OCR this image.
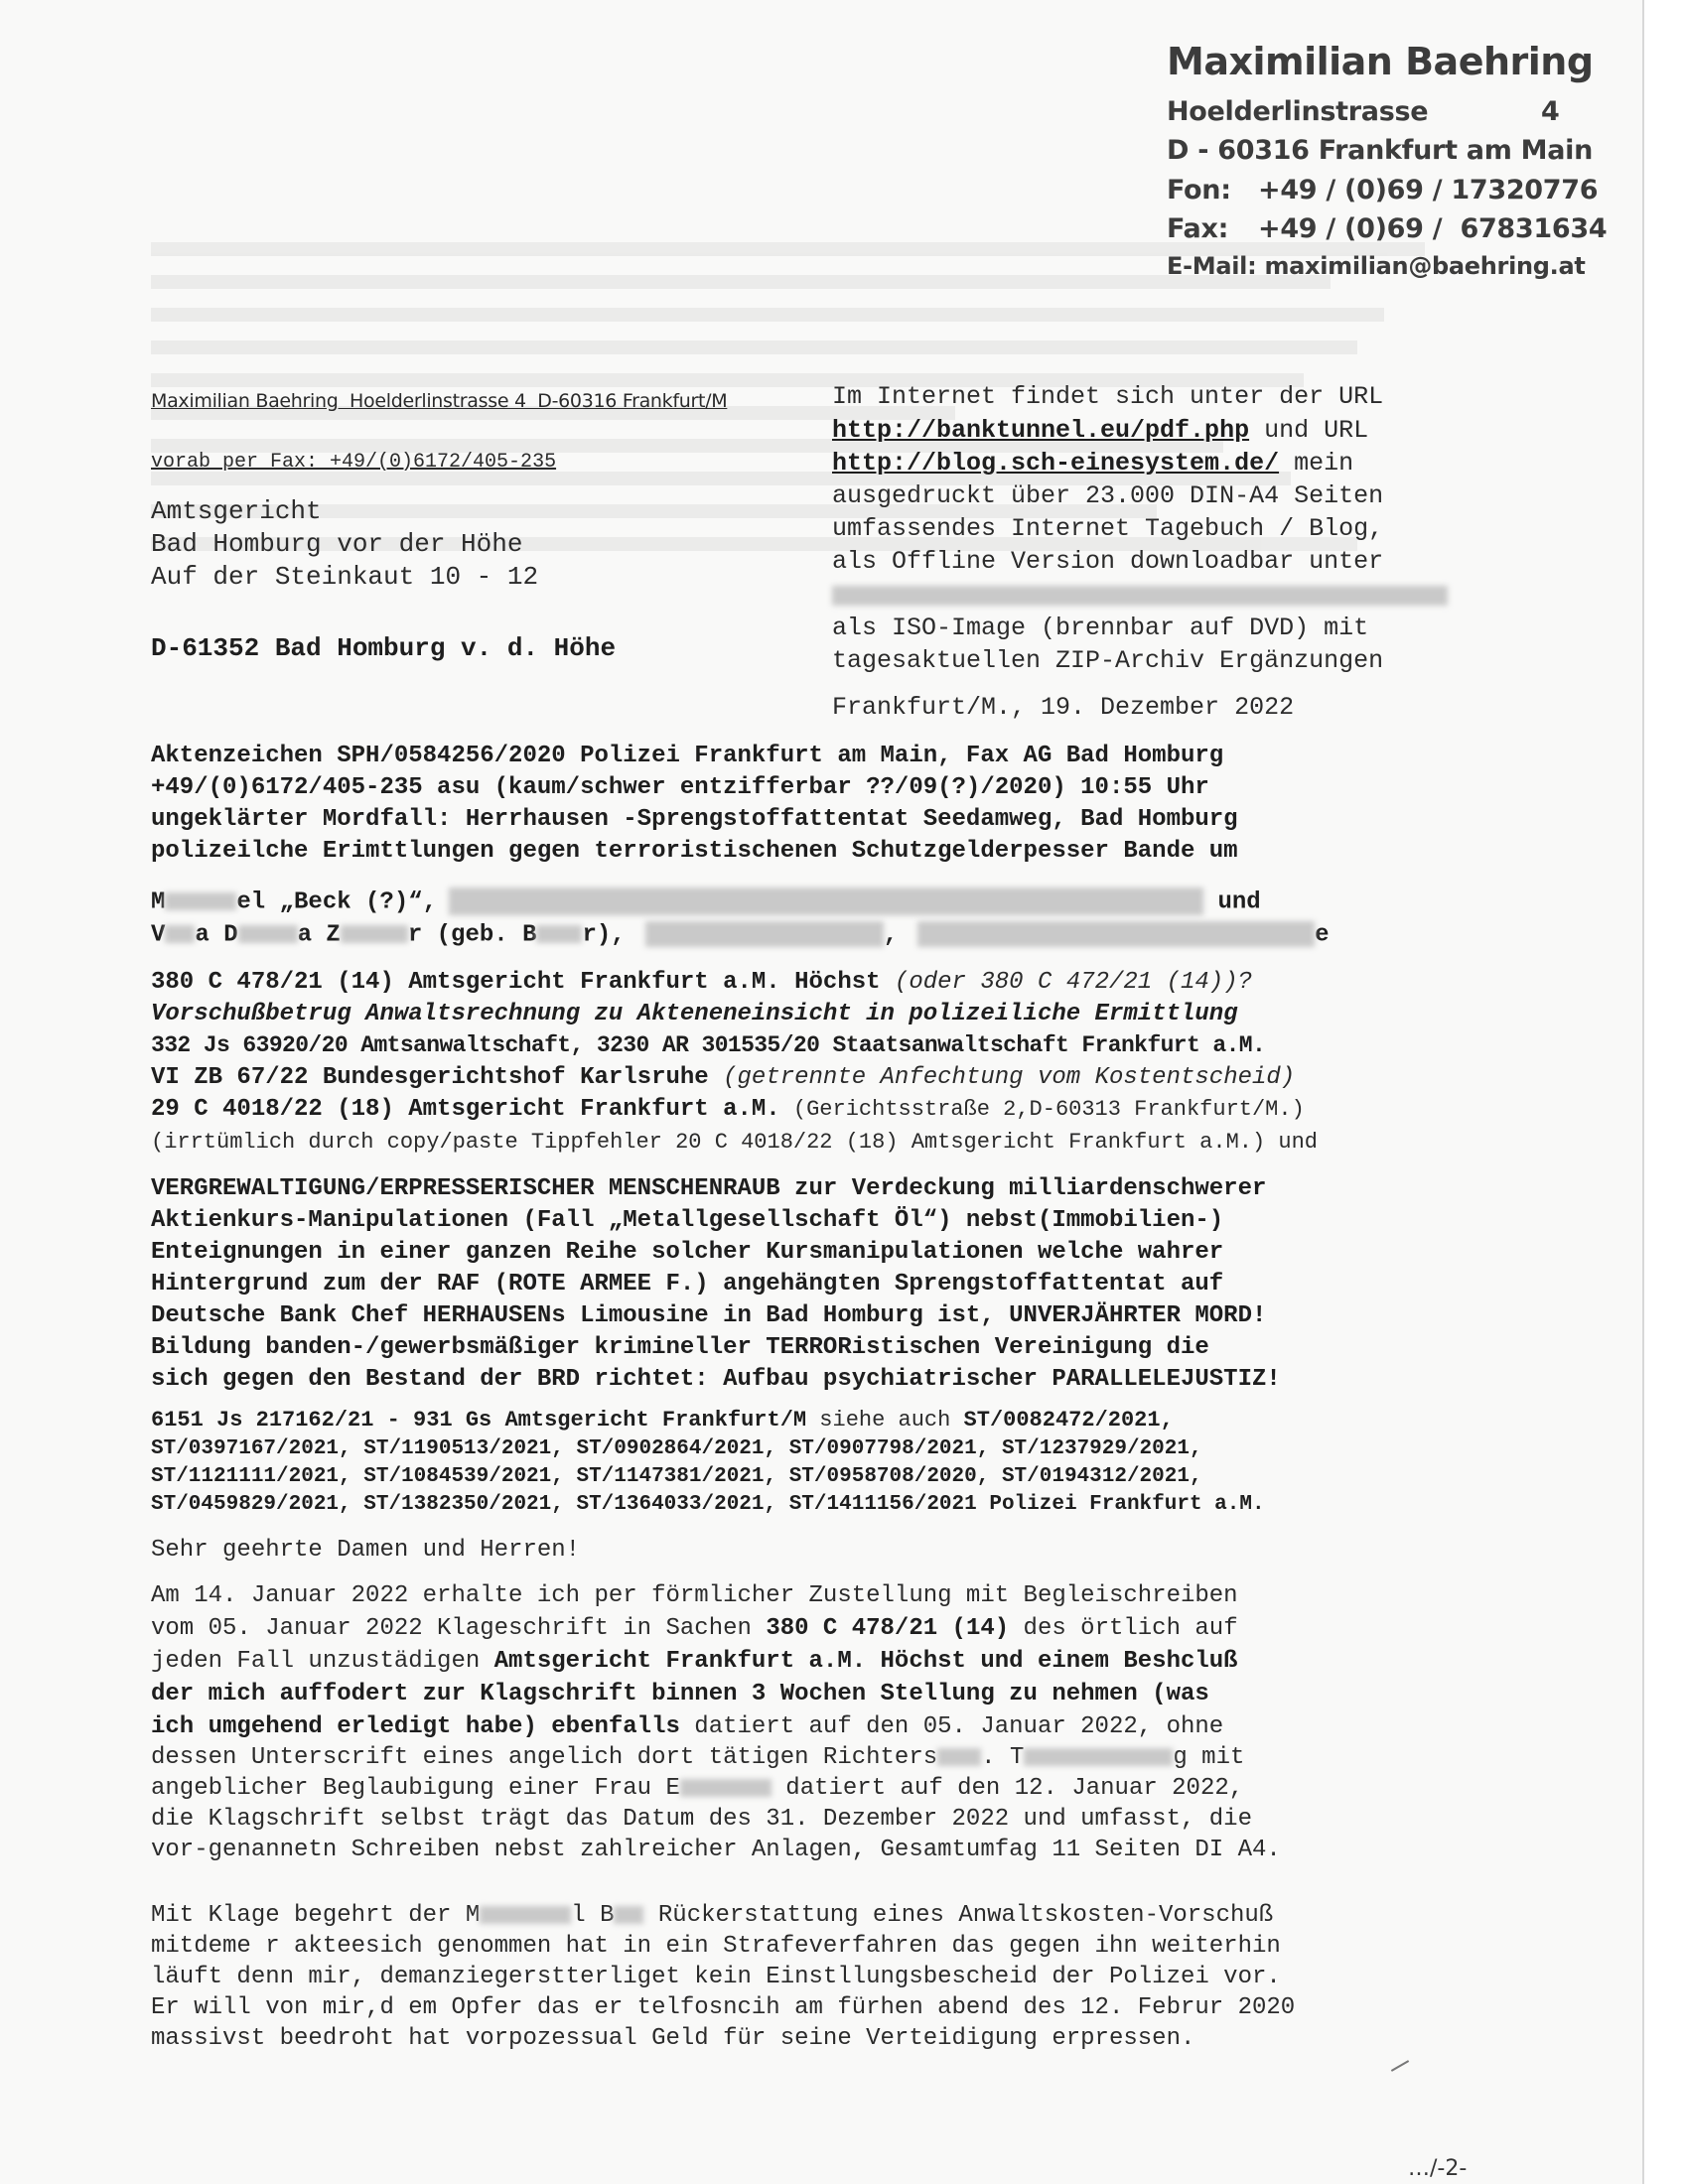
Maximilian Baehring
Hoelderlinstrasse	4
D - 60316 Frankfurt am Main
Fon: +49 / (0)69 / 17320776
Fax: +49 / (0)69 /  67831634
E-Mail: maximilian@baehring.at
Maximilian Baehring  Hoelderlinstrasse 4  D-60316 Frankfurt/M
vorab per Fax: +49/(0)6172/405-235
Amtsgericht
Bad Homburg vor der Höhe
Auf der Steinkaut 10 - 12
D-61352 Bad Homburg v. d. Höhe
Im Internet findet sich unter der URL
http://banktunnel.eu/pdf.php und URL
http://blog.sch-einesystem.de/ mein
ausgedruckt über 23.000 DIN-A4 Seiten
umfassendes Internet Tagebuch / Blog,
als Offline Version downloadbar unter
als ISO-Image (brennbar auf DVD) mit
tagesaktuellen ZIP-Archiv Ergänzungen
Frankfurt/M., 19. Dezember 2022
Aktenzeichen SPH/0584256/2020 Polizei Frankfurt am Main, Fax AG Bad Homburg
+49/(0)6172/405-235 asu (kaum/schwer entzifferbar ??/09(?)/2020) 10:55 Uhr
ungeklärter Mordfall: Herrhausen -Sprengstoffattentat Seedamweg, Bad Homburg
polizeilche Erimttlungen gegen terroristischenen Schutzgelderpesser Bande um
M	el „Beck (?)“,	und
V a D	a Z	r (geb. B r),	,	e
380 C 478/21 (14) Amtsgericht Frankfurt a.M. Höchst (oder 380 C 472/21 (14))?
Vorschußbetrug Anwaltsrechnung zu Akteneneinsicht in polizeiliche Ermittlung
332 Js 63920/20 Amtsanwaltschaft, 3230 AR 301535/20 Staatsanwaltschaft Frankfurt a.M.
VI ZB 67/22 Bundesgerichtshof Karlsruhe (getrennte Anfechtung vom Kostentscheid)
29 C 4018/22 (18) Amtsgericht Frankfurt a.M. (Gerichtsstraße 2,D-60313 Frankfurt/M.)
(irrtümlich durch copy/paste Tippfehler 20 C 4018/22 (18) Amtsgericht Frankfurt a.M.) und
VERGREWALTIGUNG/ERPRESSERISCHER MENSCHENRAUB zur Verdeckung milliardenschwerer
Aktienkurs-Manipulationen (Fall „Metallgesellschaft Öl“) nebst(Immobilien-)
Enteignungen in einer ganzen Reihe solcher Kursmanipulationen welche wahrer
Hintergrund zum der RAF (ROTE ARMEE F.) angehängten Sprengstoffattentat auf
Deutsche Bank Chef HERHAUSENs Limousine in Bad Homburg ist, UNVERJÄHRTER MORD!
Bildung banden-/gewerbsmäßiger krimineller TERRORistischen Vereinigung die
sich gegen den Bestand der BRD richtet: Aufbau psychiatrischer PARALLELEJUSTIZ!
6151 Js 217162/21 - 931 Gs Amtsgericht Frankfurt/M siehe auch ST/0082472/2021,
ST/0397167/2021, ST/1190513/2021, ST/0902864/2021, ST/0907798/2021, ST/1237929/2021,
ST/1121111/2021, ST/1084539/2021, ST/1147381/2021, ST/0958708/2020, ST/0194312/2021,
ST/0459829/2021, ST/1382350/2021, ST/1364033/2021, ST/1411156/2021 Polizei Frankfurt a.M.
Sehr geehrte Damen und Herren!
Am 14. Januar 2022 erhalte ich per förmlicher Zustellung mit Begleischreiben
vom 05. Januar 2022 Klageschrift in Sachen 380 C 478/21 (14) des örtlich auf
jeden Fall unzustädigen Amtsgericht Frankfurt a.M. Höchst und einem Beshcluß
der mich auffodert zur Klagschrift binnen 3 Wochen Stellung zu nehmen (was
ich umgehend erledigt habe) ebenfalls datiert auf den 05. Januar 2022, ohne
dessen Unterscrift eines angelich dort tätigen Richters . T	g mit
angeblicher Beglaubigung einer Frau E	datiert auf den 12. Januar 2022,
die Klagschrift selbst trägt das Datum des 31. Dezember 2022 und umfasst, die
vor-genannetn Schreiben nebst zahlreicher Anlagen, Gesamtumfag 11 Seiten DI A4.
Mit Klage begehrt der M	l B Rückerstattung eines Anwaltskosten-Vorschuß
mitdeme r akteesich genommen hat in ein Strafeverfahren das gegen ihn weiterhin
läuft denn mir, demanziegerstterliget kein Einstllungsbescheid der Polizei vor.
Er will von mir,d em Opfer das er telfosncih am fürhen abend des 12. Februr 2020
massivst beedroht hat vorpozessual Geld für seine Verteidigung erpressen.
…/-2-
